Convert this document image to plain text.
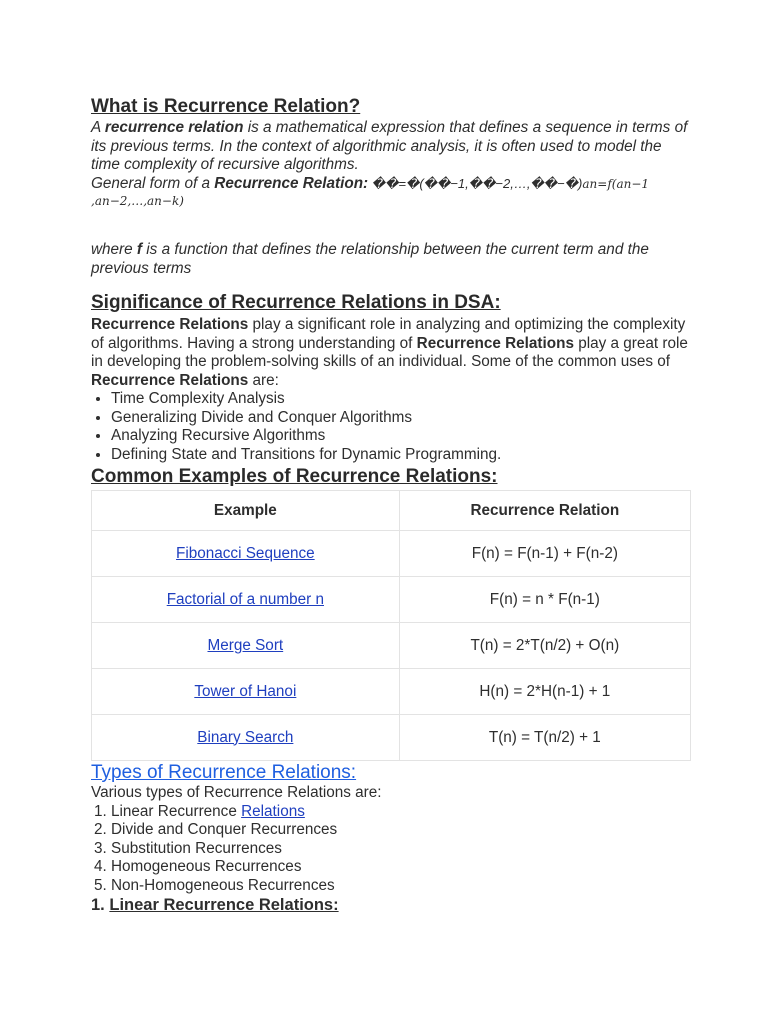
What is Recurrence Relation?
A recurrence relation is a mathematical expression that defines a sequence in terms of its previous terms. In the context of algorithmic analysis, it is often used to model the time complexity of recursive algorithms.
General form of a Recurrence Relation: ��=�(��−1,��−2,…,��−�)an=f(an−1
,an−2,…,an−k)
where f is a function that defines the relationship between the current term and the previous terms
Significance of Recurrence Relations in DSA:

Recurrence Relations play a significant role in analyzing and optimizing the complexity of algorithms. Having a strong understanding of Recurrence Relations play a great role in developing the problem-solving skills of an individual. Some of the common uses of Recurrence Relations are:

• Time Complexity Analysis
• Generalizing Divide and Conquer Algorithms
• Analyzing Recursive Algorithms
• Defining State and Transitions for Dynamic Programming.
Common Examples of Recurrence Relations:
Example	Recurrence Relation
Fibonacci Sequence	F(n) = F(n-1) + F(n-2)
Factorial of a number n	F(n) = n * F(n-1)
Merge Sort	T(n) = 2*T(n/2) + O(n)
Tower of Hanoi	H(n) = 2*H(n-1) + 1
Binary Search	T(n) = T(n/2) + 1
Types of Recurrence Relations:

Various types of Recurrence Relations are:

1. Linear Recurrence Relations
2. Divide and Conquer Recurrences
3. Substitution Recurrences
4. Homogeneous Recurrences
5. Non-Homogeneous Recurrences
1. Linear Recurrence Relations:
